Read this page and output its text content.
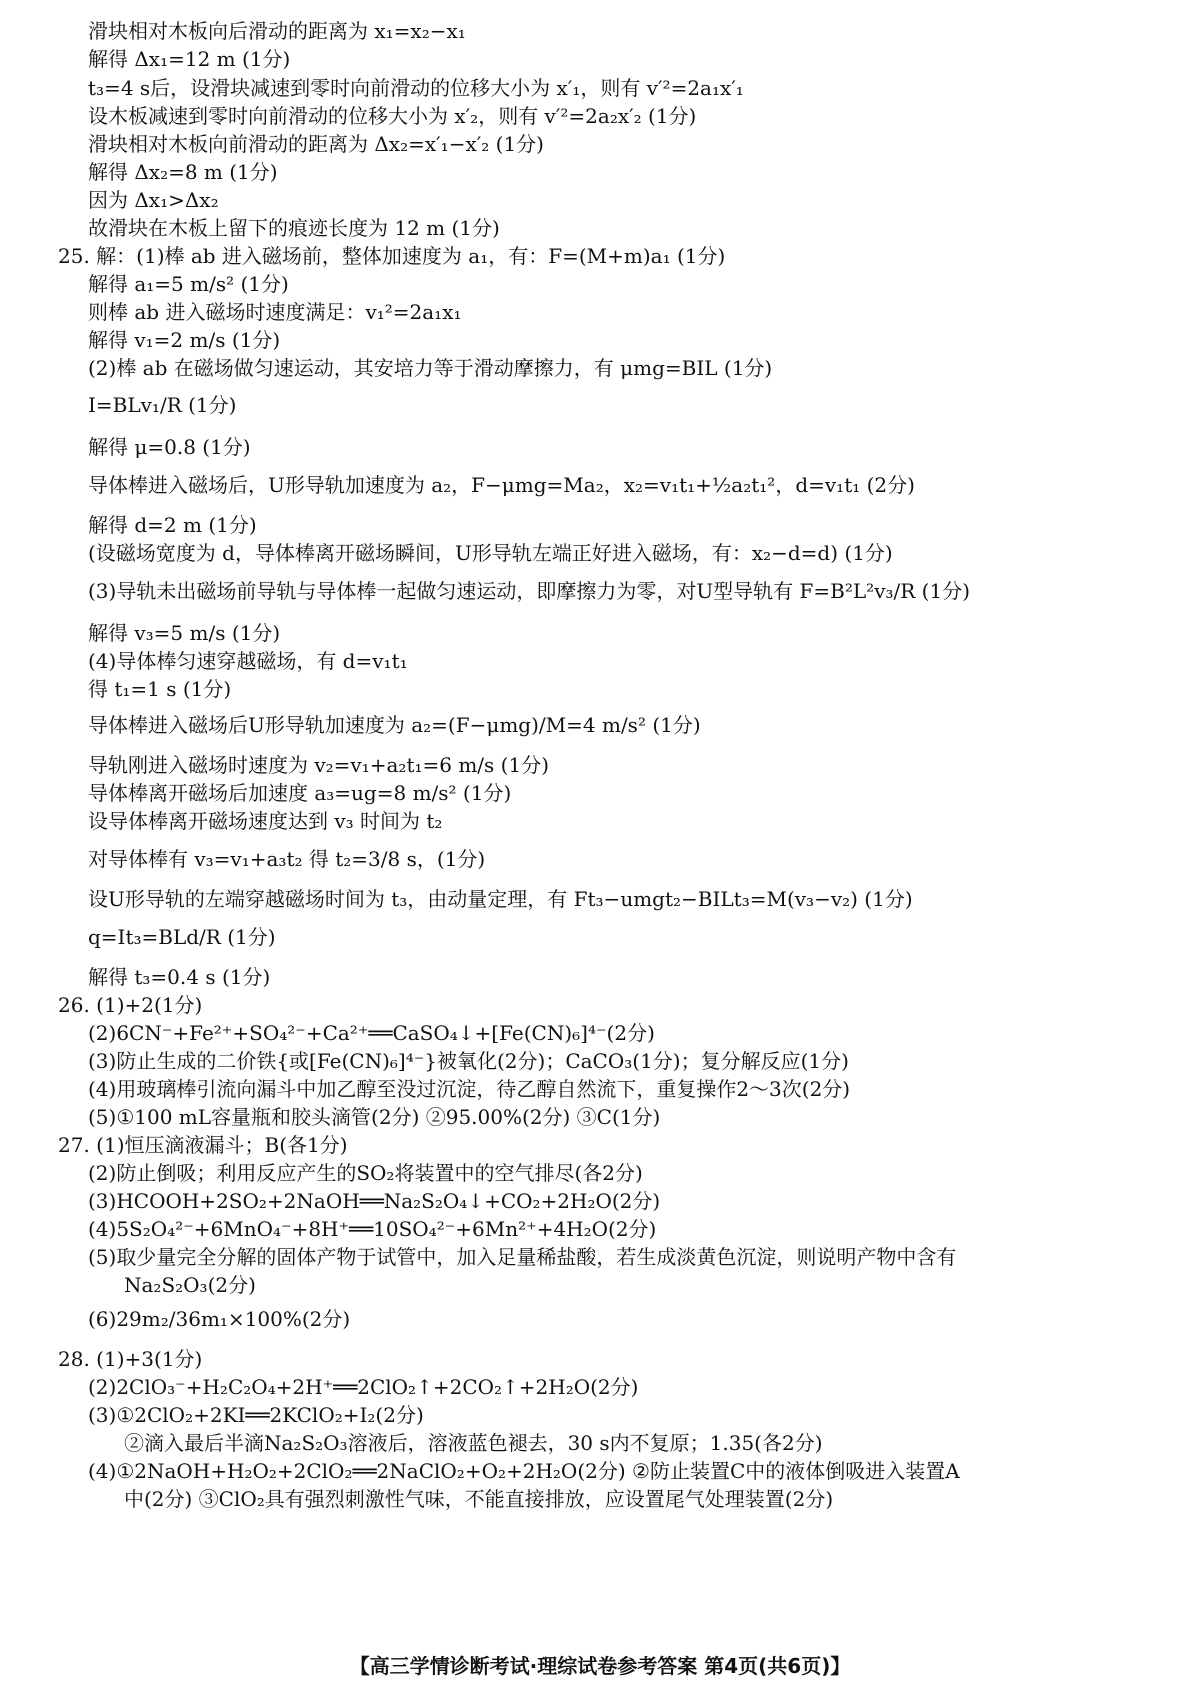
滑块相对木板向后滑动的距离为 x₁=x₂−x₁
解得 Δx₁=12 m (1分)
t₃=4 s后，设滑块减速到零时向前滑动的位移大小为 x′₁，则有 v′²=2a₁x′₁
设木板减速到零时向前滑动的位移大小为 x′₂，则有 v′²=2a₂x′₂ (1分)
滑块相对木板向前滑动的距离为 Δx₂=x′₁−x′₂ (1分)
解得 Δx₂=8 m (1分)
因为 Δx₁>Δx₂
故滑块在木板上留下的痕迹长度为 12 m (1分)
25. 解：(1)棒 ab 进入磁场前，整体加速度为 a₁，有：F=(M+m)a₁ (1分)
解得 a₁=5 m/s² (1分)
则棒 ab 进入磁场时速度满足：v₁²=2a₁x₁
解得 v₁=2 m/s (1分)
(2)棒 ab 在磁场做匀速运动，其安培力等于滑动摩擦力，有 μmg=BIL (1分)
I=BLv₁/R (1分)
解得 μ=0.8 (1分)
导体棒进入磁场后，U形导轨加速度为 a₂，F−μmg=Ma₂，x₂=v₁t₁+½a₂t₁²，d=v₁t₁ (2分)
解得 d=2 m (1分)
(设磁场宽度为 d，导体棒离开磁场瞬间，U形导轨左端正好进入磁场，有：x₂−d=d) (1分)
(3)导轨未出磁场前导轨与导体棒一起做匀速运动，即摩擦力为零，对U型导轨有 F=B²L²v₃/R (1分)
解得 v₃=5 m/s (1分)
(4)导体棒匀速穿越磁场，有 d=v₁t₁
得 t₁=1 s (1分)
导体棒进入磁场后U形导轨加速度为 a₂=(F−μmg)/M=4 m/s² (1分)
导轨刚进入磁场时速度为 v₂=v₁+a₂t₁=6 m/s (1分)
导体棒离开磁场后加速度 a₃=ug=8 m/s² (1分)
设导体棒离开磁场速度达到 v₃ 时间为 t₂
对导体棒有 v₃=v₁+a₃t₂ 得 t₂=3/8 s，(1分)
设U形导轨的左端穿越磁场时间为 t₃，由动量定理，有 Ft₃−umgt₂−BILt₃=M(v₃−v₂) (1分)
q=It₃=BLd/R (1分)
解得 t₃=0.4 s (1分)
26. (1)+2(1分)
(2)6CN⁻+Fe²⁺+SO₄²⁻+Ca²⁺══CaSO₄↓+[Fe(CN)₆]⁴⁻(2分)
(3)防止生成的二价铁{或[Fe(CN)₆]⁴⁻}被氧化(2分)；CaCO₃(1分)；复分解反应(1分)
(4)用玻璃棒引流向漏斗中加乙醇至没过沉淀，待乙醇自然流下，重复操作2～3次(2分)
(5)①100 mL容量瓶和胶头滴管(2分) ②95.00%(2分) ③C(1分)
27. (1)恒压滴液漏斗；B(各1分)
(2)防止倒吸；利用反应产生的SO₂将装置中的空气排尽(各2分)
(3)HCOOH+2SO₂+2NaOH══Na₂S₂O₄↓+CO₂+2H₂O(2分)
(4)5S₂O₄²⁻+6MnO₄⁻+8H⁺══10SO₄²⁻+6Mn²⁺+4H₂O(2分)
(5)取少量完全分解的固体产物于试管中，加入足量稀盐酸，若生成淡黄色沉淀，则说明产物中含有
Na₂S₂O₃(2分)
(6)29m₂/36m₁×100%(2分)
28. (1)+3(1分)
(2)2ClO₃⁻+H₂C₂O₄+2H⁺══2ClO₂↑+2CO₂↑+2H₂O(2分)
(3)①2ClO₂+2KI══2KClO₂+I₂(2分)
②滴入最后半滴Na₂S₂O₃溶液后，溶液蓝色褪去，30 s内不复原；1.35(各2分)
(4)①2NaOH+H₂O₂+2ClO₂══2NaClO₂+O₂+2H₂O(2分) ②防止装置C中的液体倒吸进入装置A
中(2分) ③ClO₂具有强烈刺激性气味，不能直接排放，应设置尾气处理装置(2分)
【高三学情诊断考试·理综试卷参考答案 第4页(共6页)】
